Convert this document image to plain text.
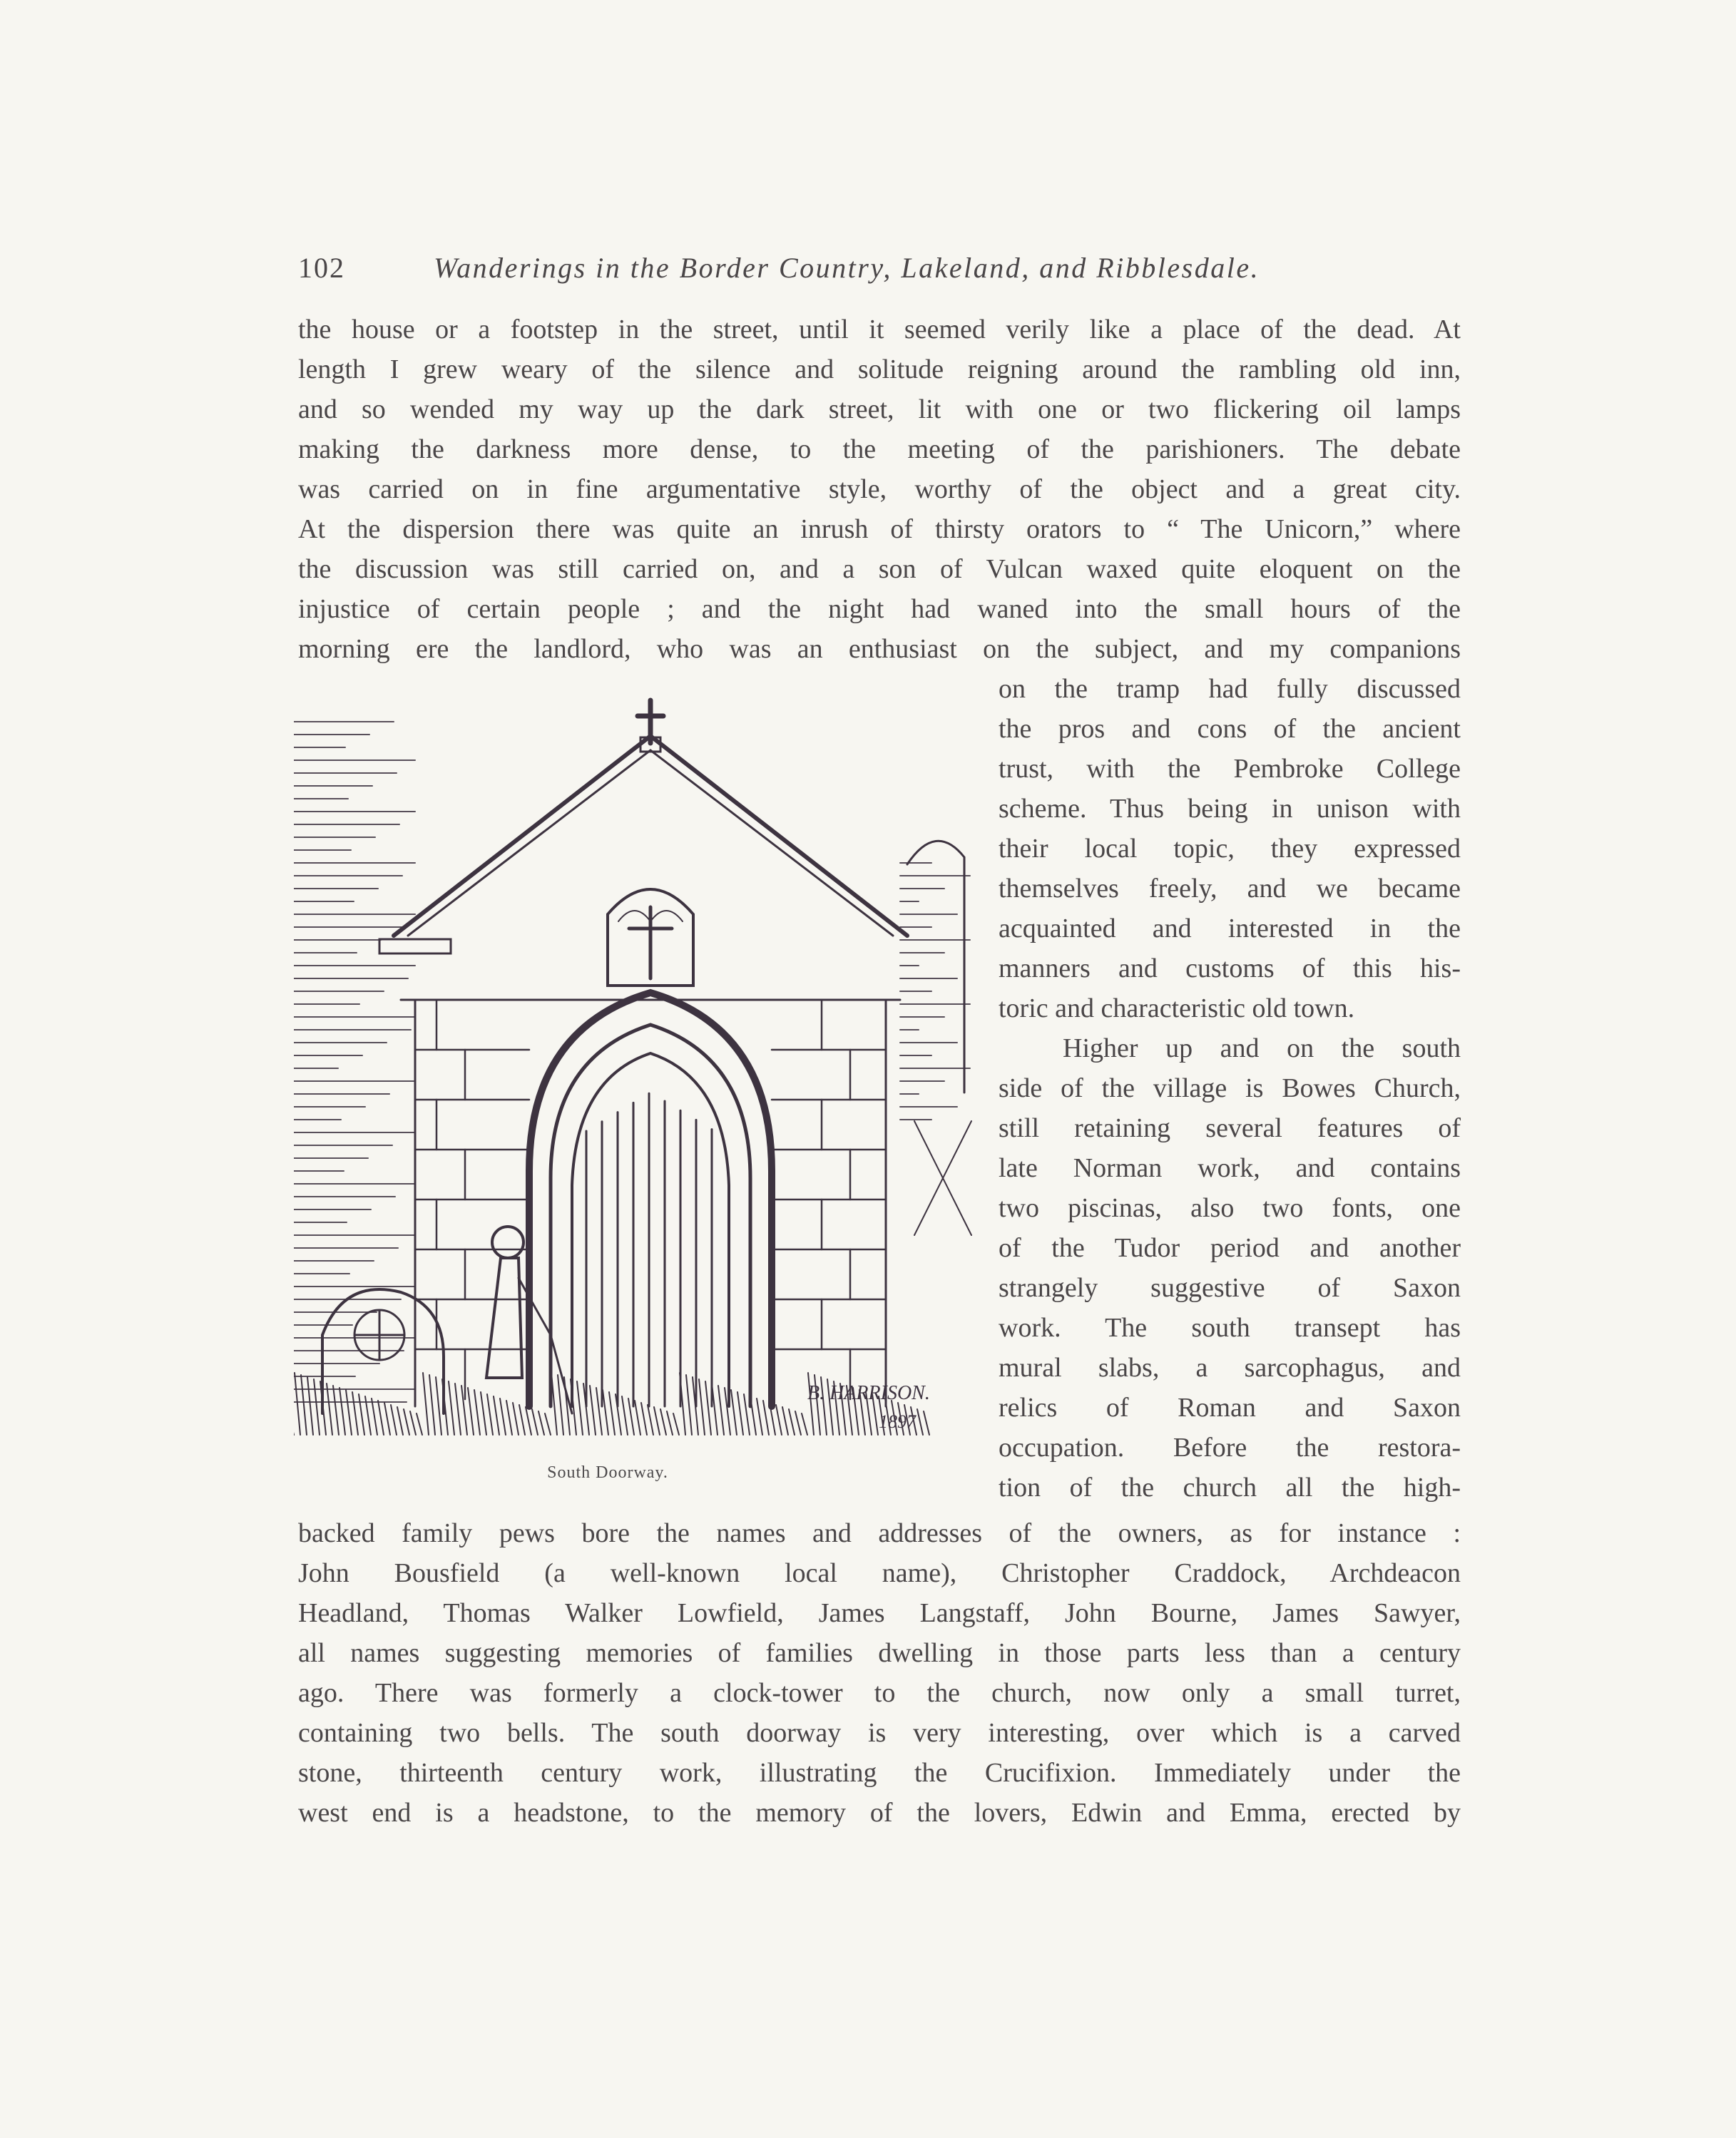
102	Wanderings in the Border Country, Lakeland, and Ribblesdale.
the house or a footstep in the street, until it seemed verily like a place of the dead. At
length I grew weary of the silence and solitude reigning around the rambling old inn,
and so wended my way up the dark street, lit with one or two flickering oil lamps
making the darkness more dense, to the meeting of the parishioners. The debate
was carried on in fine argumentative style, worthy of the object and a great city.
At the dispersion there was quite an inrush of thirsty orators to “ The Unicorn,” where
the discussion was still carried on, and a son of Vulcan waxed quite eloquent on the
injustice of certain people ; and the night had waned into the small hours of the
morning ere the landlord, who was an enthusiast on the subject, and my companions
on the tramp had fully discussed
the pros and cons of the ancient
trust, with the Pembroke College
scheme. Thus being in unison with
their local topic, they expressed
themselves freely, and we became
acquainted and interested in the
manners and customs of this his-
toric and characteristic old town.
Higher up and on the south
side of the village is Bowes Church,
still retaining several features of
late Norman work, and contains
two piscinas, also two fonts, one
of the Tudor period and another
strangely suggestive of Saxon
work. The south transept has
mural slabs, a sarcophagus, and
relics of Roman and Saxon
occupation. Before the restora-
tion of the church all the high-
backed family pews bore the names and addresses of the owners, as for instance :
John Bousfield (a well-known local name), Christopher Craddock, Archdeacon
Headland, Thomas Walker Lowfield, James Langstaff, John Bourne, James Sawyer,
all names suggesting memories of families dwelling in those parts less than a century
ago. There was formerly a clock-tower to the church, now only a small turret,
containing two bells. The south doorway is very interesting, over which is a carved
stone, thirteenth century work, illustrating the Crucifixion. Immediately under the
west end is a headstone, to the memory of the lovers, Edwin and Emma, erected by
B. HARRISON.
1897
South Doorway.
